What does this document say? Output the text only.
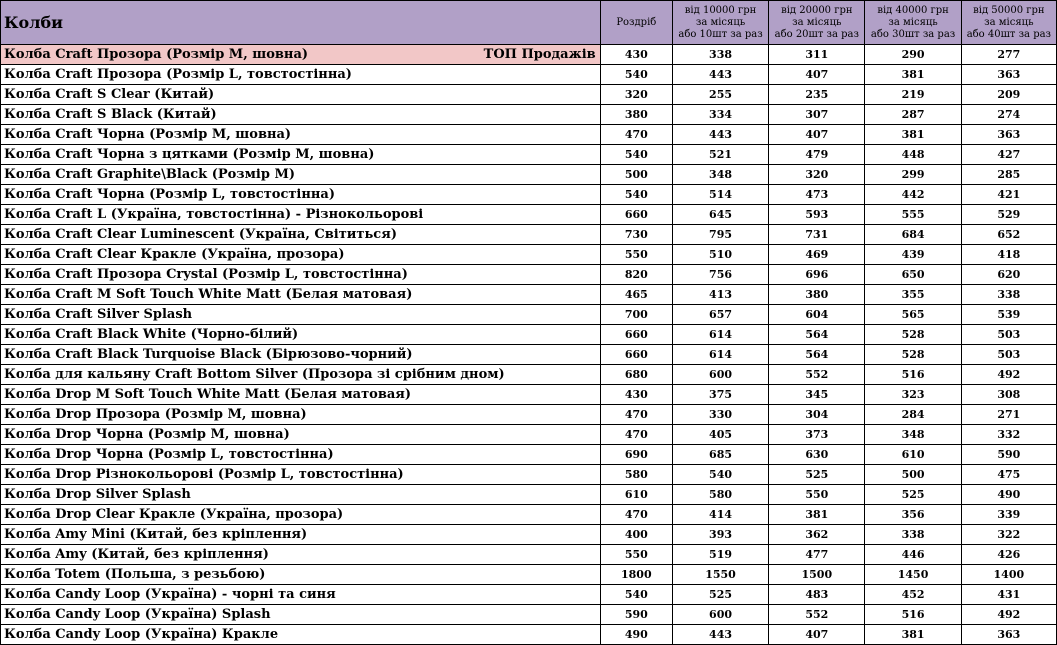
Колби	Роздріб	від 10000 грн
за місяць
або 10шт за раз	від 20000 грн
за місяць
або 20шт за раз	від 40000 грн
за місяць
або 30шт за раз	від 50000 грн
за місяць
або 40шт за раз

ТОП Продажів
Колба Craft Прозора (Розмір M, шовна)	430	338	311	290	277
Колба Craft Прозора (Розмір L, товстостінна)	540	443	407	381	363
Колба Craft S Clear (Китай)	320	255	235	219	209
Колба Craft S Black (Китай)	380	334	307	287	274
Колба Craft Чорна (Розмір M, шовна)	470	443	407	381	363
Колба Craft Чорна з цятками (Розмір M, шовна)	540	521	479	448	427
Колба Craft Graphite\Black (Розмір M)	500	348	320	299	285
Колба Craft Чорна (Розмір L, товстостінна)	540	514	473	442	421
Колба Craft L (Україна, товстостінна) - Різнокольорові	660	645	593	555	529
Колба Craft Clear Luminescent (Україна, Світиться)	730	795	731	684	652
Колба Craft Clear Кракле (Україна, прозора)	550	510	469	439	418
Колба Craft Прозора Crystal (Розмір L, товстостінна)	820	756	696	650	620
Колба Craft M Soft Touch White Matt (Белая матовая)	465	413	380	355	338
Колба Craft Silver Splash	700	657	604	565	539
Колба Craft Black White (Чорно-білий)	660	614	564	528	503
Колба Craft Black Turquoise Black (Бірюзово-чорний)	660	614	564	528	503
Колба для кальяну Craft Bottom Silver (Прозора зі срібним дном)	680	600	552	516	492
Колба Drop M Soft Touch White Matt (Белая матовая)	430	375	345	323	308
Колба Drop Прозора (Розмір M, шовна)	470	330	304	284	271
Колба Drop Чорна (Розмір M, шовна)	470	405	373	348	332
Колба Drop Чорна (Розмір L, товстостінна)	690	685	630	610	590
Колба Drop Різнокольорові (Розмір L, товстостінна)	580	540	525	500	475
Колба Drop Silver Splash	610	580	550	525	490
Колба Drop Clear Кракле (Україна, прозора)	470	414	381	356	339
Колба Amy Mini (Китай, без кріплення)	400	393	362	338	322
Колба Amy (Китай, без кріплення)	550	519	477	446	426
Колба Totem (Польша, з резьбою)	1800	1550	1500	1450	1400
Колба Candy Loop (Україна) - чорні та синя	540	525	483	452	431
Колба Candy Loop (Україна) Splash	590	600	552	516	492
Колба Candy Loop (Україна) Кракле	490	443	407	381	363
